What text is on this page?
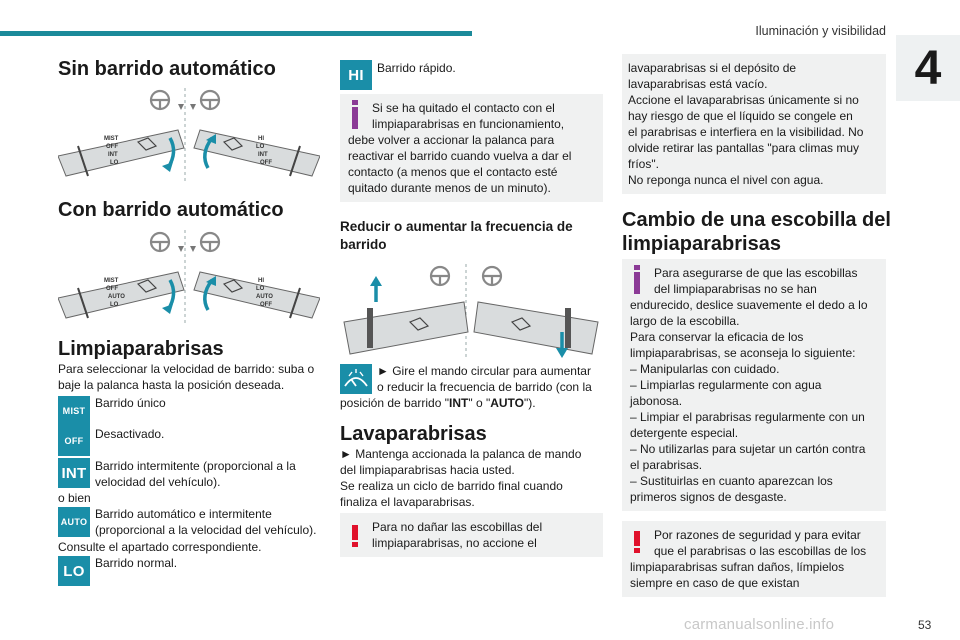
Iluminación y visibilidad
4
Sin barrido automático
MIST
OFF
INT
LO
HI
LO
INT
OFF
Con barrido automático
MIST
OFF
AUTO
LO
HI
LO
AUTO
OFF
Limpiaparabrisas
Para seleccionar la velocidad de barrido: suba o
baje la palanca hasta la posición deseada.
MIST
Barrido único
OFF Desactivado.
INT Barrido intermitente (proporcional a la
velocidad del vehículo).
o bien
AUTO
Barrido automático e intermitente
(proporcional a la velocidad del vehículo).
Consulte el apartado correspondiente.
LO Barrido normal.
HI	Barrido rápido.
Si se ha quitado el contacto con el
limpiaparabrisas en funcionamiento,
debe volver a accionar la palanca para
reactivar el barrido cuando vuelva a dar el
contacto (a menos que el contacto esté
quitado durante menos de un minuto).
Reducir o aumentar la frecuencia de
barrido
► Gire el mando circular para aumentar
o reducir la frecuencia de barrido (con la
posición de barrido "INT" o "AUTO").
Lavaparabrisas
► Mantenga accionada la palanca de mando
del limpiaparabrisas hacia usted.
Se realiza un ciclo de barrido final cuando
finaliza el lavaparabrisas.
Para no dañar las escobillas del
limpiaparabrisas, no accione el
lavaparabrisas si el depósito de
lavaparabrisas está vacío.
Accione el lavaparabrisas únicamente si no
hay riesgo de que el líquido se congele en
el parabrisas e interfiera en la visibilidad. No
olvide retirar las pantallas "para climas muy
fríos".
No reponga nunca el nivel con agua.
Cambio de una escobilla del
limpiaparabrisas
Para asegurarse de que las escobillas
del limpiaparabrisas no se han
endurecido, deslice suavemente el dedo a lo
largo de la escobilla.
Para conservar la eficacia de los
limpiaparabrisas, se aconseja lo siguiente:
– Manipularlas con cuidado.
– Limpiarlas regularmente con agua
jabonosa.
– Limpiar el parabrisas regularmente con un
detergente especial.
– No utilizarlas para sujetar un cartón contra
el parabrisas.
– Sustituirlas en cuanto aparezcan los
primeros signos de desgaste.
Por razones de seguridad y para evitar
que el parabrisas o las escobillas de los
limpiaparabrisas sufran daños, límpielos
siempre en caso de que existan
carmanualsonline.info	53
